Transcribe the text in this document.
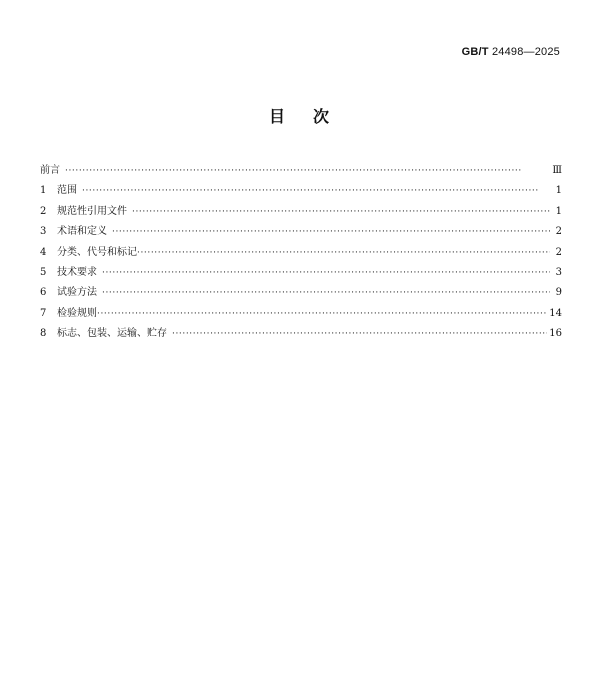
GB/T 24498—2025
目 次
前言 ·····	Ⅲ
1	范围 ·····	1
2	规范性引用文件 ·····	1
3	术语和定义 ·····	2
4	分类、代号和标记 ·····	2
5	技术要求 ·····	3
6	试验方法 ·····	9
7	检验规则 ·····	14
8	标志、包装、运输、贮存 ·····	16
